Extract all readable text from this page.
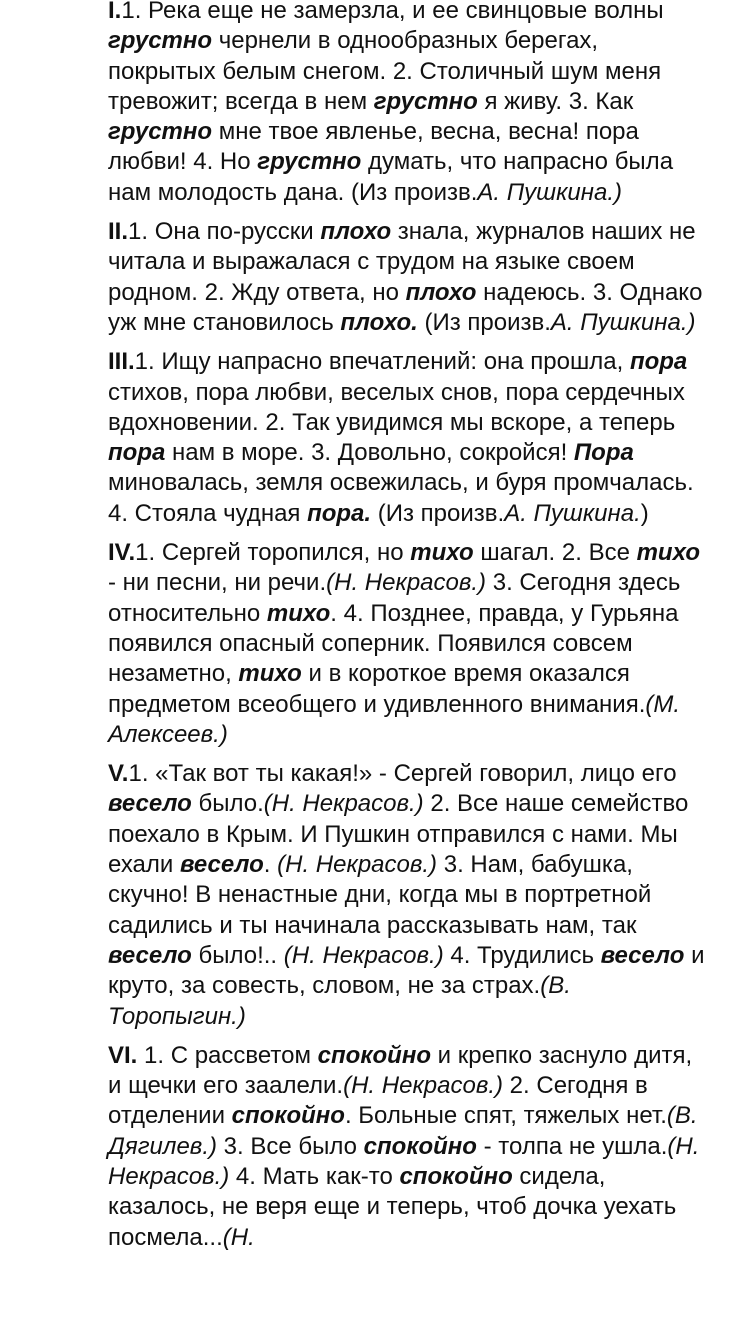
I.1. Река еще не замерзла, и ее свинцовые волны грустно чернели в однообразных берегах, покрытых белым снегом. 2. Столичный шум меня тревожит; всегда в нем грустно я живу. 3. Как грустно мне твое явленье, весна, весна! пора любви! 4. Но грустно думать, что напрасно была нам молодость дана. (Из произв.А. Пушкина.)

II.1. Она по-русски плохо знала, журналов наших не читала и выражалася с трудом на языке своем родном. 2. Жду ответа, но плохо надеюсь. 3. Однако уж мне становилось плохо. (Из произв.А. Пушкина.)

III.1. Ищу напрасно впечатлений: она прошла, пора стихов, пора любви, веселых снов, пора сердечных вдохновении. 2. Так увидимся мы вскоре, а теперь пора нам в море. 3. Довольно, сокройся! Пора миновалась, земля освежилась, и буря промчалась. 4. Стояла чудная пора. (Из произв.А. Пушкина.)

IV.1. Сергей торопился, но тихо шагал. 2. Все тихо - ни песни, ни речи.(Н. Некрасов.) 3. Сегодня здесь относительно тихо. 4. Позднее, правда, у Гурьяна появился опасный соперник. Появился совсем незаметно, тихо и в короткое время оказался предметом всеобщего и удивленного внимания.(М. Алексеев.)

V.1. «Так вот ты какая!» - Сергей говорил, лицо его весело было.(Н. Некрасов.) 2. Все наше семейство поехало в Крым. И Пушкин отправился с нами. Мы ехали весело. (Н. Некрасов.) 3. Нам, бабушка, скучно! В ненастные дни, когда мы в портретной садились и ты начинала рассказывать нам, так весело было!.. (Н. Некрасов.) 4. Трудились весело и круто, за совесть, словом, не за страх.(В. Торопыгин.)

VI. 1. С рассветом спокойно и крепко заснуло дитя, и щечки его заалели.(Н. Некрасов.) 2. Сегодня в отделении спокойно. Больные спят, тяжелых нет.(В. Дягилев.) 3. Все было спокойно - толпа не ушла.(Н. Некрасов.) 4. Мать как-то спокойно сидела, казалось, не веря еще и теперь, чтоб дочка уехать посмела...(Н.
